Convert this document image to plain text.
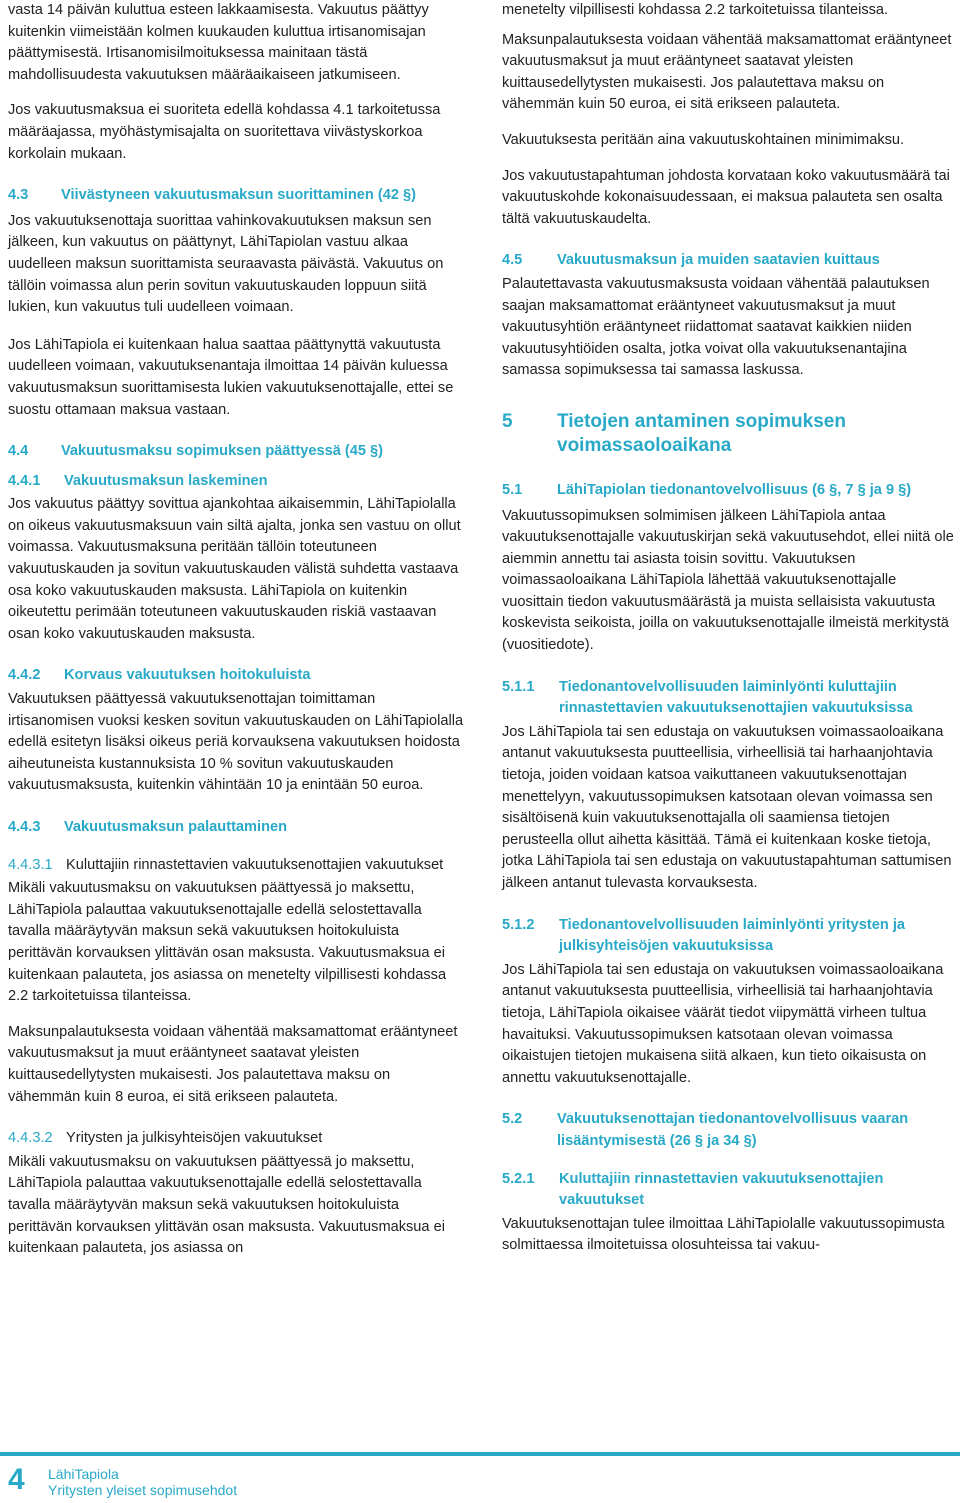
vasta 14 päivän kuluttua esteen lakkaamisesta. Vakuutus päättyy kuitenkin viimeistään kolmen kuukauden kuluttua irtisanomisajan päättymisestä. Irtisanomisilmoituksessa mainitaan tästä mahdollisuudesta vakuutuksen määräaikaiseen jatkumiseen.

Jos vakuutusmaksua ei suoriteta edellä kohdassa 4.1 tarkoitetussa määräajassa, myöhästymisajalta on suoritettava viivästyskorkoa korkolain mukaan.

4.3	Viivästyneen vakuutusmaksun suorittaminen (42 §)

Jos vakuutuksenottaja suorittaa vahinkovakuutuksen maksun sen jälkeen, kun vakuutus on päättynyt, LähiTapiolan vastuu alkaa uudelleen maksun suorittamista seuraavasta päivästä. Vakuutus on tällöin voimassa alun perin sovitun vakuutuskauden loppuun siitä lukien, kun vakuutus tuli uudelleen voimaan.

Jos LähiTapiola ei kuitenkaan halua saattaa päättynyttä vakuutusta uudelleen voimaan, vakuutuksenantaja ilmoittaa 14 päivän kuluessa vakuutusmaksun suorittamisesta lukien vakuutuksenottajalle, ettei se suostu ottamaan maksua vastaan.

4.4	Vakuutusmaksu sopimuksen päättyessä (45 §)
4.4.1	Vakuutusmaksun laskeminen

Jos vakuutus päättyy sovittua ajankohtaa aikaisemmin, LähiTapiolalla on oikeus vakuutusmaksuun vain siltä ajalta, jonka sen vastuu on ollut voimassa. Vakuutusmaksuna peritään tällöin toteutuneen vakuutuskauden ja sovitun vakuutuskauden välistä suhdetta vastaava osa koko vakuutuskauden maksusta. LähiTapiola on kuitenkin oikeutettu perimään toteutuneen vakuutuskauden riskiä vastaavan osan koko vakuutuskauden maksusta.

4.4.2	Korvaus vakuutuksen hoitokuluista

Vakuutuksen päättyessä vakuutuksenottajan toimittaman irtisanomisen vuoksi kesken sovitun vakuutuskauden on LähiTapiolalla edellä esitetyn lisäksi oikeus periä korvauksena vakuutuksen hoidosta aiheutuneista kustannuksista 10 % sovitun vakuutuskauden vakuutusmaksusta, kuitenkin vähintään 10 ja enintään 50 euroa.

4.4.3	Vakuutusmaksun palauttaminen
4.4.3.1 Kuluttajiin rinnastettavien vakuutuksenottajien vakuutukset

Mikäli vakuutusmaksu on vakuutuksen päättyessä jo maksettu, LähiTapiola palauttaa vakuutuksenottajalle edellä selostettavalla tavalla määräytyvän maksun sekä vakuutuksen hoitokuluista perittävän korvauksen ylittävän osan maksusta. Vakuutusmaksua ei kuitenkaan palauteta, jos asiassa on menetelty vilpillisesti kohdassa 2.2 tarkoitetuissa tilanteissa.

Maksunpalautuksesta voidaan vähentää maksamattomat erääntyneet vakuutusmaksut ja muut erääntyneet saatavat yleisten kuittausedellytysten mukaisesti. Jos palautettava maksu on vähemmän kuin 8 euroa, ei sitä erikseen palauteta.

4.4.3.2 Yritysten ja julkisyhteisöjen vakuutukset

Mikäli vakuutusmaksu on vakuutuksen päättyessä jo maksettu, LähiTapiola palauttaa vakuutuksenottajalle edellä selostettavalla tavalla määräytyvän maksun sekä vakuutuksen hoitokuluista perittävän korvauksen ylittävän osan maksusta. Vakuutusmaksua ei kuitenkaan palauteta, jos asiassa on

menetelty vilpillisesti kohdassa 2.2 tarkoitetuissa tilanteissa.

Maksunpalautuksesta voidaan vähentää maksamattomat erääntyneet vakuutusmaksut ja muut erääntyneet saatavat yleisten kuittausedellytysten mukaisesti. Jos palautettava maksu on vähemmän kuin 50 euroa, ei sitä erikseen palauteta.

Vakuutuksesta peritään aina vakuutuskohtainen minimimaksu.

Jos vakuutustapahtuman johdosta korvataan koko vakuutusmäärä tai vakuutuskohde kokonaisuudessaan, ei maksua palauteta sen osalta tältä vakuutuskaudelta.

4.5	Vakuutusmaksun ja muiden saatavien kuittaus

Palautettavasta vakuutusmaksusta voidaan vähentää palautuksen saajan maksamattomat erääntyneet vakuutusmaksut ja muut vakuutusyhtiön erääntyneet riidattomat saatavat kaikkien niiden vakuutusyhtiöiden osalta, jotka voivat olla vakuutuksenantajina samassa sopimuksessa tai samassa laskussa.

5	Tietojen antaminen sopimuksen voimassaoloaikana
5.1	LähiTapiolan tiedonantovelvollisuus (6 §, 7 § ja 9 §)

Vakuutussopimuksen solmimisen jälkeen LähiTapiola antaa vakuutuksenottajalle vakuutuskirjan sekä vakuutusehdot, ellei niitä ole aiemmin annettu tai asiasta toisin sovittu. Vakuutuksen voimassaoloaikana LähiTapiola lähettää vakuutuksenottajalle vuosittain tiedon vakuutusmäärästä ja muista sellaisista vakuutusta koskevista seikoista, joilla on vakuutuksenottajalle ilmeistä merkitystä (vuositiedote).

5.1.1	Tiedonantovelvollisuuden laiminlyönti kuluttajiin rinnastettavien vakuutuksenottajien vakuutuksissa

Jos LähiTapiola tai sen edustaja on vakuutuksen voimassaoloaikana antanut vakuutuksesta puutteellisia, virheellisiä tai harhaanjohtavia tietoja, joiden voidaan katsoa vaikuttaneen vakuutuksenottajan menettelyyn, vakuutussopimuksen katsotaan olevan voimassa sen sisältöisenä kuin vakuutuksenottajalla oli saamiensa tietojen perusteella ollut aihetta käsittää. Tämä ei kuitenkaan koske tietoja, jotka LähiTapiola tai sen edustaja on vakuutustapahtuman sattumisen jälkeen antanut tulevasta korvauksesta.

5.1.2	Tiedonantovelvollisuuden laiminlyönti yritysten ja julkisyhteisöjen vakuutuksissa

Jos LähiTapiola tai sen edustaja on vakuutuksen voimassaoloaikana antanut vakuutuksesta puutteellisia, virheellisiä tai harhaanjohtavia tietoja, LähiTapiola oikaisee väärät tiedot viipymättä virheen tultua havaituksi. Vakuutussopimuksen katsotaan olevan voimassa oikaistujen tietojen mukaisena siitä alkaen, kun tieto oikaisusta on annettu vakuutuksenottajalle.

5.2	Vakuutuksenottajan tiedonantovelvollisuus vaaran lisääntymisestä (26 § ja 34 §)
5.2.1	Kuluttajiin rinnastettavien vakuutuksenottajien vakuutukset

Vakuutuksenottajan tulee ilmoittaa LähiTapiolalle vakuutussopimusta solmittaessa ilmoitetuissa olosuhteissa tai vakuu-

4 LähiTapiola
Yritysten yleiset sopimusehdot
